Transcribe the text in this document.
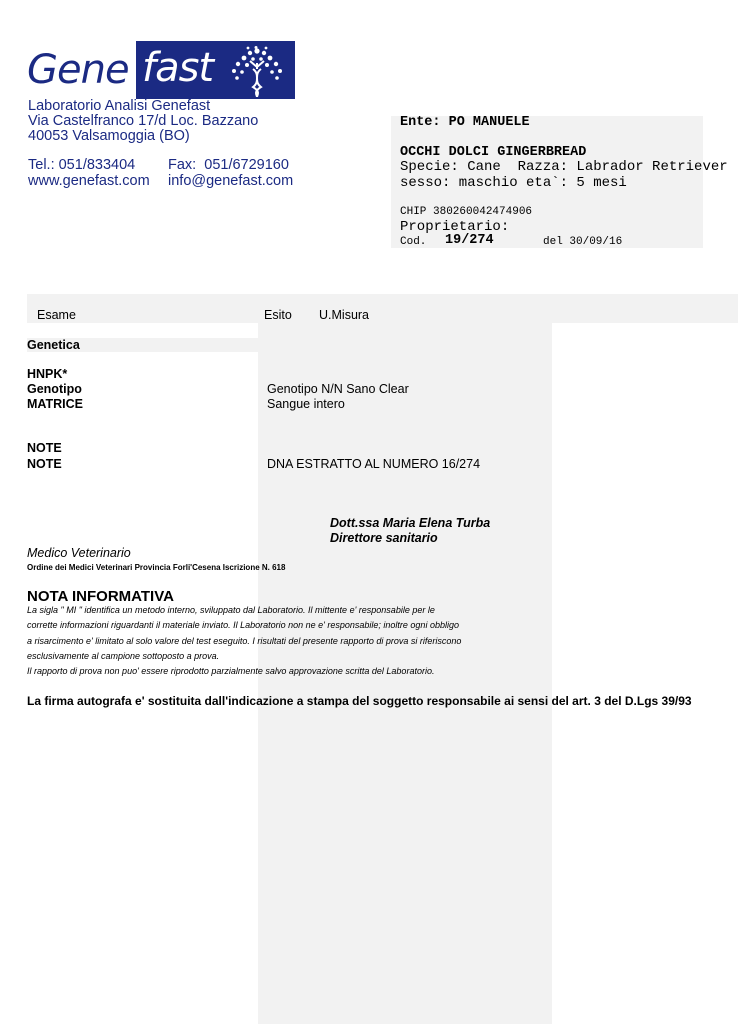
Gene fast
Laboratorio Analisi Genefast
Via Castelfranco 17/d Loc. Bazzano
40053 Valsamoggia (BO)
Tel.: 051/833404 Fax:  051/6729160
www.genefast.com info@genefast.com
Ente: PO MANUELE
OCCHI DOLCI GINGERBREAD
Specie: Cane  Razza: Labrador Retriever
sesso: maschio eta`: 5 mesi
CHIP 380260042474906
Proprietario:
Cod. 19/274	del 30/09/16
Esame	Esito U.Misura
Genetica
HNPK*
Genotipo	Genotipo N/N Sano Clear
MATRICE	Sangue intero
NOTE
NOTE	DNA ESTRATTO AL NUMERO 16/274
Dott.ssa Maria Elena Turba
Direttore sanitario
Medico Veterinario
Ordine dei Medici Veterinari Provincia Forli'Cesena Iscrizione N. 618
NOTA INFORMATIVA
La sigla " MI " identifica un metodo interno, sviluppato dal Laboratorio. Il mittente e' responsabile per le
corrette informazioni riguardanti il materiale inviato. Il Laboratorio non ne e' responsabile; inoltre ogni obbligo
a risarcimento e' limitato al solo valore del test eseguito. I risultati del presente rapporto di prova si riferiscono
esclusivamente al campione sottoposto a prova.
Il rapporto di prova non puo' essere riprodotto parzialmente salvo approvazione scritta del Laboratorio.
La firma autografa e' sostituita dall'indicazione a stampa del soggetto responsabile ai sensi del art. 3 del D.Lgs 39/93
